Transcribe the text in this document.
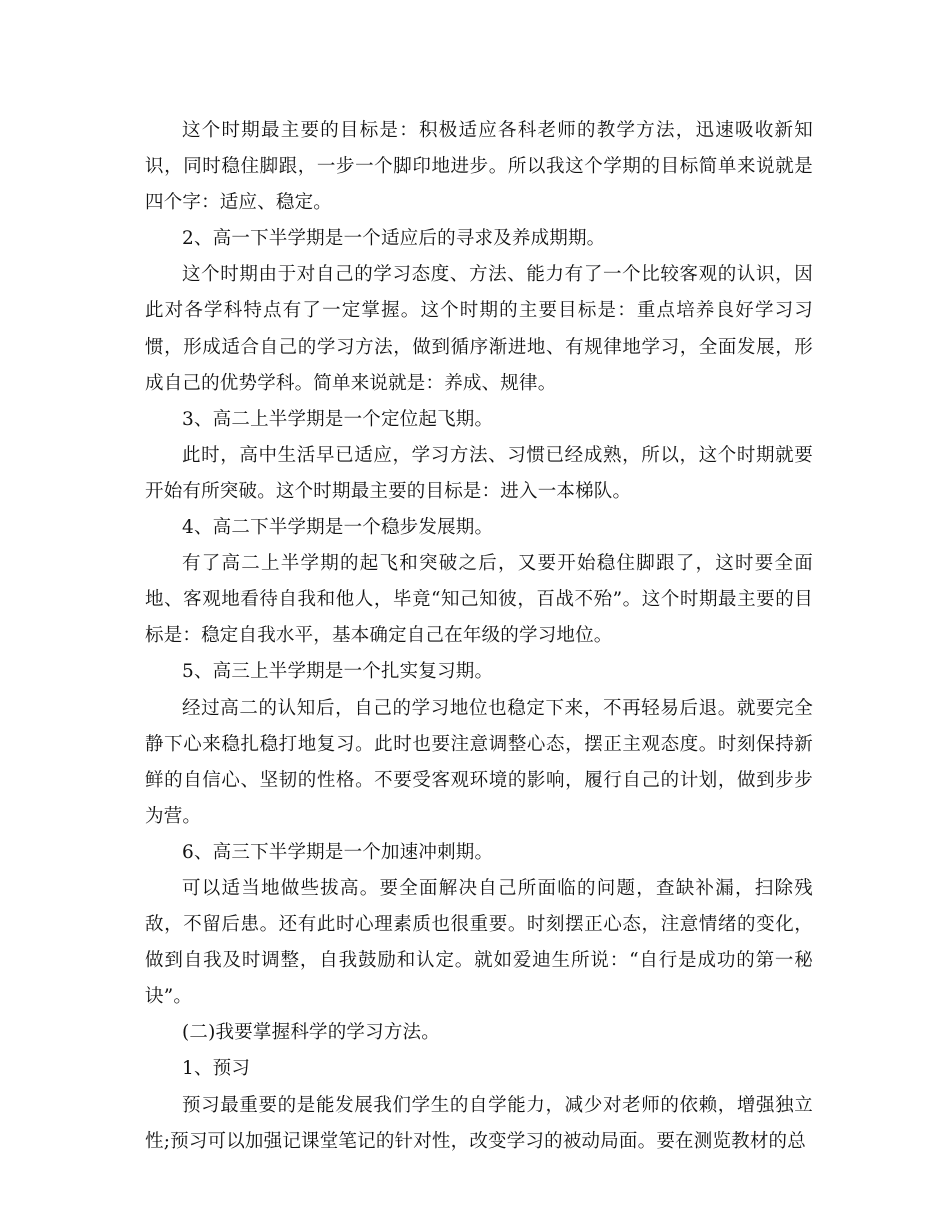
这个时期最主要的目标是：积极适应各科老师的教学方法，迅速吸收新知识，同时稳住脚跟，一步一个脚印地进步。所以我这个学期的目标简单来说就是四个字：适应、稳定。

2、高一下半学期是一个适应后的寻求及养成期期。

这个时期由于对自己的学习态度、方法、能力有了一个比较客观的认识，因此对各学科特点有了一定掌握。这个时期的主要目标是：重点培养良好学习习惯，形成适合自己的学习方法，做到循序渐进地、有规律地学习，全面发展，形成自己的优势学科。简单来说就是：养成、规律。

3、高二上半学期是一个定位起飞期。

此时，高中生活早已适应，学习方法、习惯已经成熟，所以，这个时期就要开始有所突破。这个时期最主要的目标是：进入一本梯队。

4、高二下半学期是一个稳步发展期。

有了高二上半学期的起飞和突破之后，又要开始稳住脚跟了，这时要全面地、客观地看待自我和他人，毕竟“知己知彼，百战不殆”。这个时期最主要的目标是：稳定自我水平，基本确定自己在年级的学习地位。

5、高三上半学期是一个扎实复习期。

经过高二的认知后，自己的学习地位也稳定下来，不再轻易后退。就要完全静下心来稳扎稳打地复习。此时也要注意调整心态，摆正主观态度。时刻保持新鲜的自信心、坚韧的性格。不要受客观环境的影响，履行自己的计划，做到步步为营。

6、高三下半学期是一个加速冲刺期。

可以适当地做些拔高。要全面解决自己所面临的问题，查缺补漏，扫除残敌，不留后患。还有此时心理素质也很重要。时刻摆正心态，注意情绪的变化，做到自我及时调整，自我鼓励和认定。就如爱迪生所说：“自行是成功的第一秘诀”。

(二)我要掌握科学的学习方法。

1、预习

预习最重要的是能发展我们学生的自学能力，减少对老师的依赖，增强独立性;预习可以加强记课堂笔记的针对性，改变学习的被动局面。要在测览教材的总
